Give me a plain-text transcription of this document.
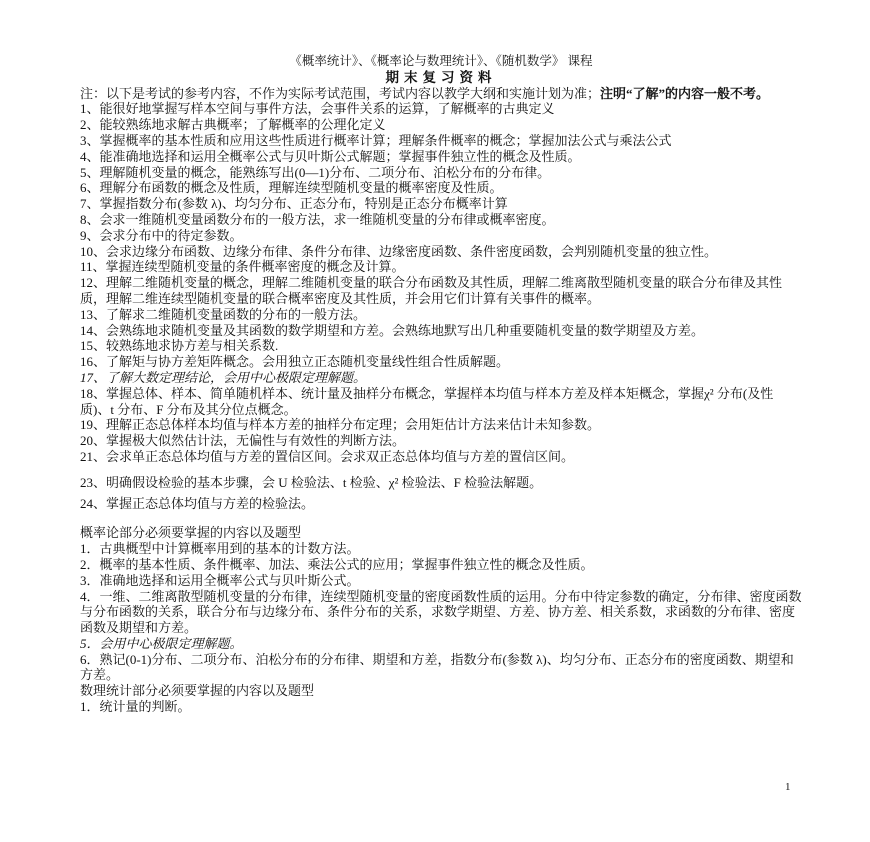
《概率统计》、《概率论与数理统计》、《随机数学》 课程
期末复习资料

注：以下是考试的参考内容，不作为实际考试范围，考试内容以教学大纲和实施计划为准；注明“了解”的内容一般不考。

1、能很好地掌握写样本空间与事件方法，会事件关系的运算，了解概率的古典定义

2、能较熟练地求解古典概率；了解概率的公理化定义

3、掌握概率的基本性质和应用这些性质进行概率计算；理解条件概率的概念；掌握加法公式与乘法公式

4、能准确地选择和运用全概率公式与贝叶斯公式解题；掌握事件独立性的概念及性质。

5、理解随机变量的概念，能熟练写出(0—1)分布、二项分布、泊松分布的分布律。

6、理解分布函数的概念及性质，理解连续型随机变量的概率密度及性质。

7、掌握指数分布(参数 λ)、均匀分布、正态分布，特别是正态分布概率计算

8、会求一维随机变量函数分布的一般方法，求一维随机变量的分布律或概率密度。

9、会求分布中的待定参数。

10、会求边缘分布函数、边缘分布律、条件分布律、边缘密度函数、条件密度函数，会判别随机变量的独立性。

11、掌握连续型随机变量的条件概率密度的概念及计算。

12、理解二维随机变量的概念，理解二维随机变量的联合分布函数及其性质，理解二维离散型随机变量的联合分布律及其性质，理解二维连续型随机变量的联合概率密度及其性质，并会用它们计算有关事件的概率。

13、了解求二维随机变量函数的分布的一般方法。

14、会熟练地求随机变量及其函数的数学期望和方差。会熟练地默写出几种重要随机变量的数学期望及方差。

15、较熟练地求协方差与相关系数.

16、了解矩与协方差矩阵概念。会用独立正态随机变量线性组合性质解题。

17、了解大数定理结论，会用中心极限定理解题。

18、掌握总体、样本、简单随机样本、统计量及抽样分布概念，掌握样本均值与样本方差及样本矩概念，掌握χ² 分布(及性质)、t 分布、F 分布及其分位点概念。

19、理解正态总体样本均值与样本方差的抽样分布定理；会用矩估计方法来估计未知参数。

20、掌握极大似然估计法，无偏性与有效性的判断方法。

21、会求单正态总体均值与方差的置信区间。会求双正态总体均值与方差的置信区间。

23、明确假设检验的基本步骤，会 U 检验法、t 检验、χ² 检验法、F 检验法解题。

24、掌握正态总体均值与方差的检验法。

概率论部分必须要掌握的内容以及题型

1．古典概型中计算概率用到的基本的计数方法。

2．概率的基本性质、条件概率、加法、乘法公式的应用；掌握事件独立性的概念及性质。

3．准确地选择和运用全概率公式与贝叶斯公式。

4．一维、二维离散型随机变量的分布律，连续型随机变量的密度函数性质的运用。分布中待定参数的确定，分布律、密度函数与分布函数的关系，联合分布与边缘分布、条件分布的关系，求数学期望、方差、协方差、相关系数，求函数的分布律、密度函数及期望和方差。

5．会用中心极限定理解题。

6．熟记(0-1)分布、二项分布、泊松分布的分布律、期望和方差，指数分布(参数 λ)、均匀分布、正态分布的密度函数、期望和方差。

数理统计部分必须要掌握的内容以及题型

1．统计量的判断。

1
